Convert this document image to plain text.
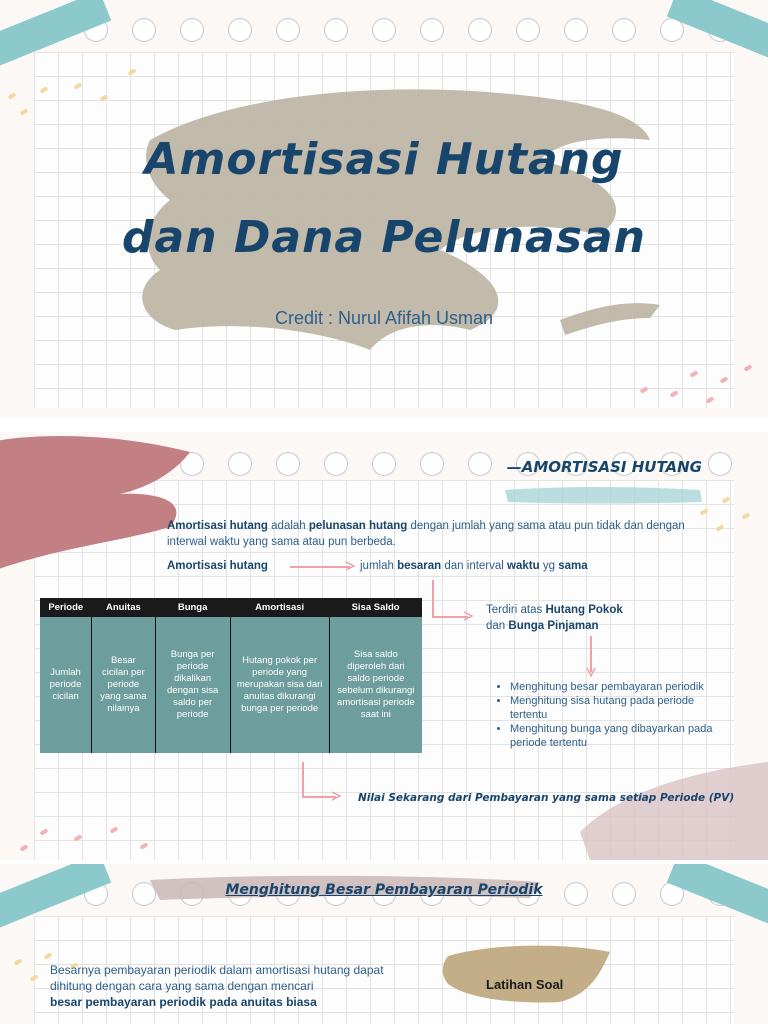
Amortisasi Hutang
dan Dana Pelunasan
Credit : Nurul Afifah Usman
—AMORTISASI HUTANG
Amortisasi hutang adalah pelunasan hutang dengan jumlah yang sama atau pun tidak dan dengan interwal waktu yang sama atau pun berbeda.
Amortisasi hutang	jumlah besaran dan interval waktu yg sama
Terdiri atas Hutang Pokok
dan Bunga Pinjaman
Periode	Anuitas	Bunga	Amortisasi	Sisa Saldo
Jumlah periode cicilan	Besar cicilan per periode yang sama nilainya	Bunga per periode dikalikan dengan sisa saldo per periode	Hutang pokok per periode yang merupakan sisa dari anuitas dikurangi bunga per periode	Sisa saldo diperoleh dari saldo periode sebelum dikurangi amortisasi periode saat ini
• Menghitung besar pembayaran periodik
• Menghitung sisa hutang pada periode tertentu
• Menghitung bunga yang dibayarkan pada periode tertentu
Nilai Sekarang dari Pembayaran yang sama setiap Periode (PV)
Menghitung Besar Pembayaran Periodik
Besarnya pembayaran periodik dalam amortisasi hutang dapat dihitung dengan cara yang sama dengan mencari
besar pembayaran periodik pada anuitas biasa
Latihan Soal
